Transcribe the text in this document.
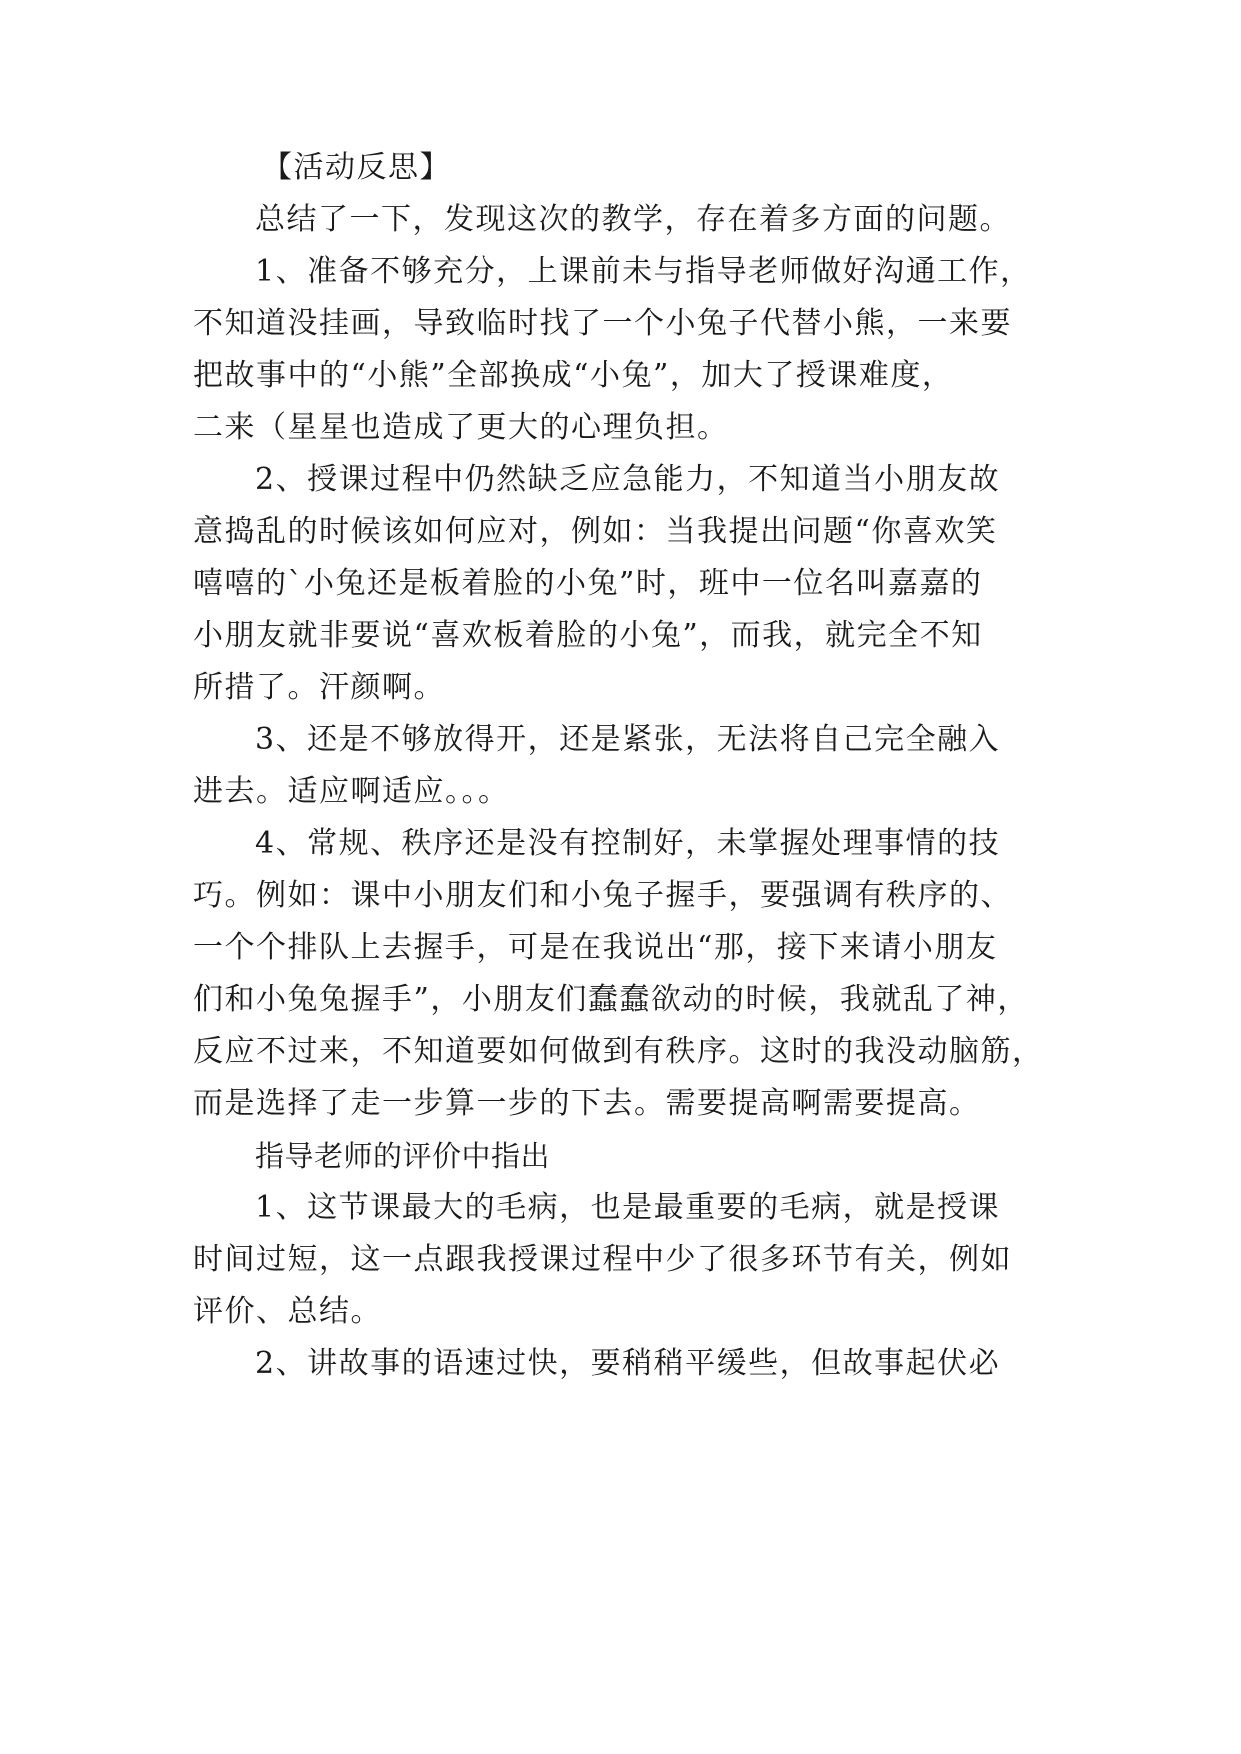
【活动反思】
总结了一下，发现这次的教学，存在着多方面的问题。
1、准备不够充分，上课前未与指导老师做好沟通工作，
不知道没挂画，导致临时找了一个小兔子代替小熊，一来要
把故事中的“小熊”全部换成“小兔”，加大了授课难度，
二来（星星也造成了更大的心理负担。
2、授课过程中仍然缺乏应急能力，不知道当小朋友故
意捣乱的时候该如何应对，例如：当我提出问题“你喜欢笑
嘻嘻的`小兔还是板着脸的小兔”时，班中一位名叫嘉嘉的
小朋友就非要说“喜欢板着脸的小兔”，而我，就完全不知
所措了。汗颜啊。
3、还是不够放得开，还是紧张，无法将自己完全融入
进去。适应啊适应。。。
4、常规、秩序还是没有控制好，未掌握处理事情的技
巧。例如：课中小朋友们和小兔子握手，要强调有秩序的、
一个个排队上去握手，可是在我说出“那，接下来请小朋友
们和小兔兔握手”，小朋友们蠢蠢欲动的时候，我就乱了神，
反应不过来，不知道要如何做到有秩序。这时的我没动脑筋，
而是选择了走一步算一步的下去。需要提高啊需要提高。
指导老师的评价中指出
1、这节课最大的毛病，也是最重要的毛病，就是授课
时间过短，这一点跟我授课过程中少了很多环节有关，例如
评价、总结。
2、讲故事的语速过快，要稍稍平缓些，但故事起伏必
